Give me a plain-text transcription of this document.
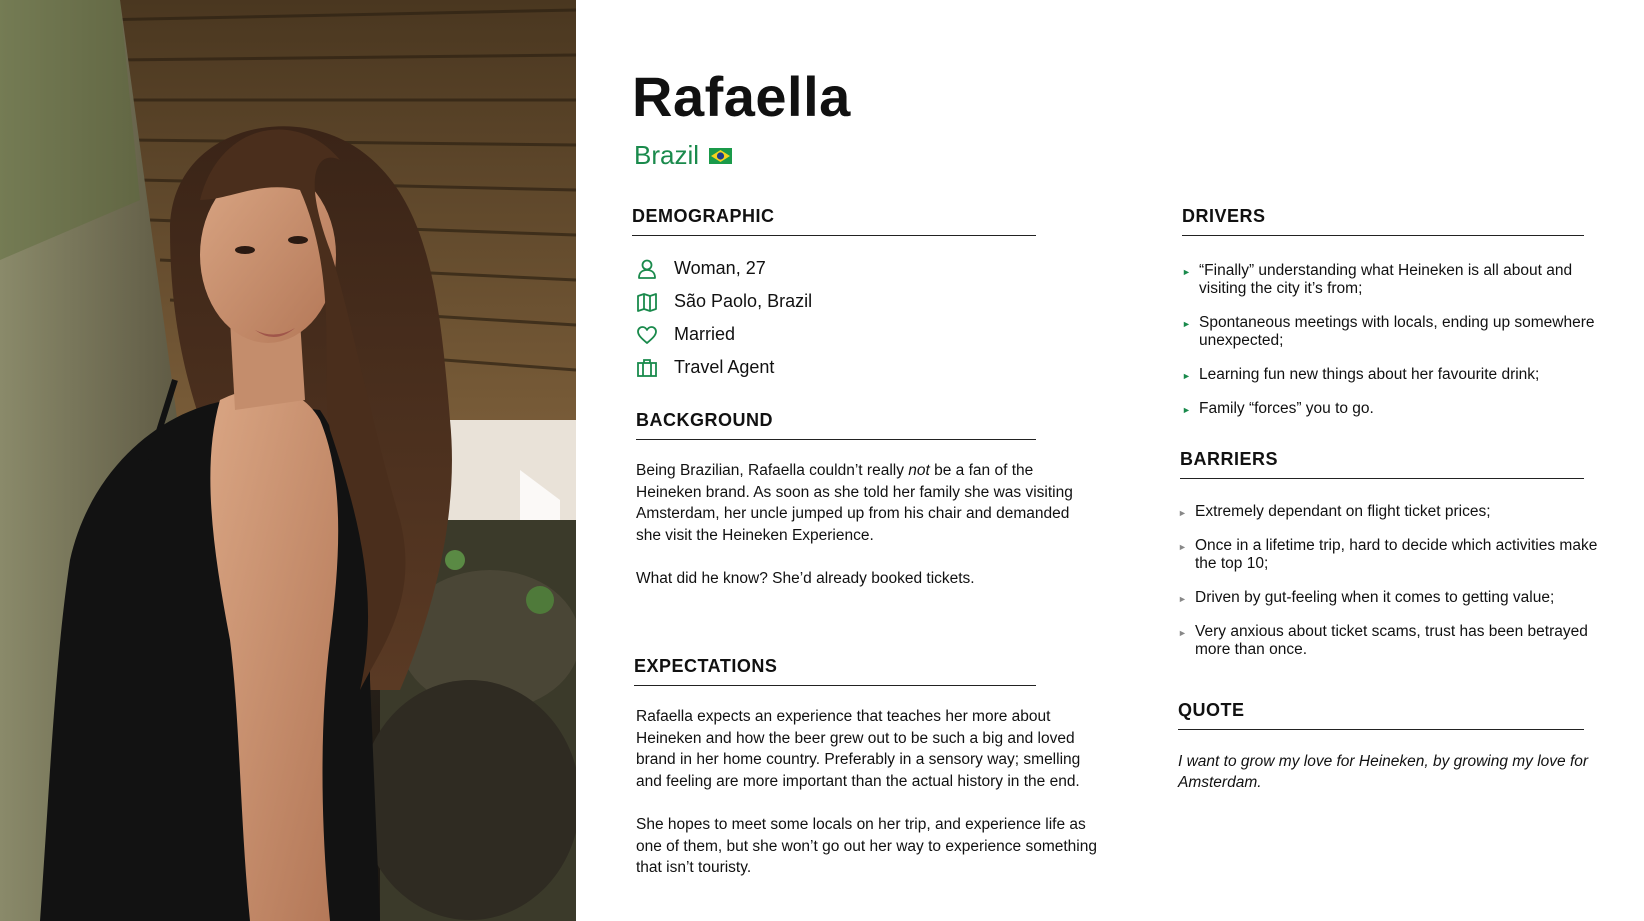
Rafaella
Brazil
DEMOGRAPHIC
Woman, 27
São Paolo, Brazil
Married
Travel Agent
BACKGROUND

Being Brazilian, Rafaella couldn’t really not be a fan of the Heineken brand. As soon as she told her family she was visiting Amsterdam, her uncle jumped up from his chair and demanded she visit the Heineken Experience.

What did he know? She’d already booked tickets.

EXPECTATIONS

Rafaella expects an experience that teaches her more about Heineken and how the beer grew out to be such a big and loved brand in her home country. Preferably in a sensory way; smelling and feeling are more important than the actual history in the end.

She hopes to meet some locals on her trip, and experience life as one of them, but she won’t go out her way to experience something that isn’t touristy.

DRIVERS
► “Finally” understanding what Heineken is all about and visiting the city it’s from;
► Spontaneous meetings with locals, ending up somewhere unexpected;
► Learning fun new things about her favourite drink;
► Family “forces” you to go.
BARRIERS
► Extremely dependant on flight ticket prices;
► Once in a lifetime trip, hard to decide which activities make the top 10;
► Driven by gut-feeling when it comes to getting value;
► Very anxious about ticket scams, trust has been betrayed more than once.
QUOTE

I want to grow my love for Heineken, by growing my love for Amsterdam.
